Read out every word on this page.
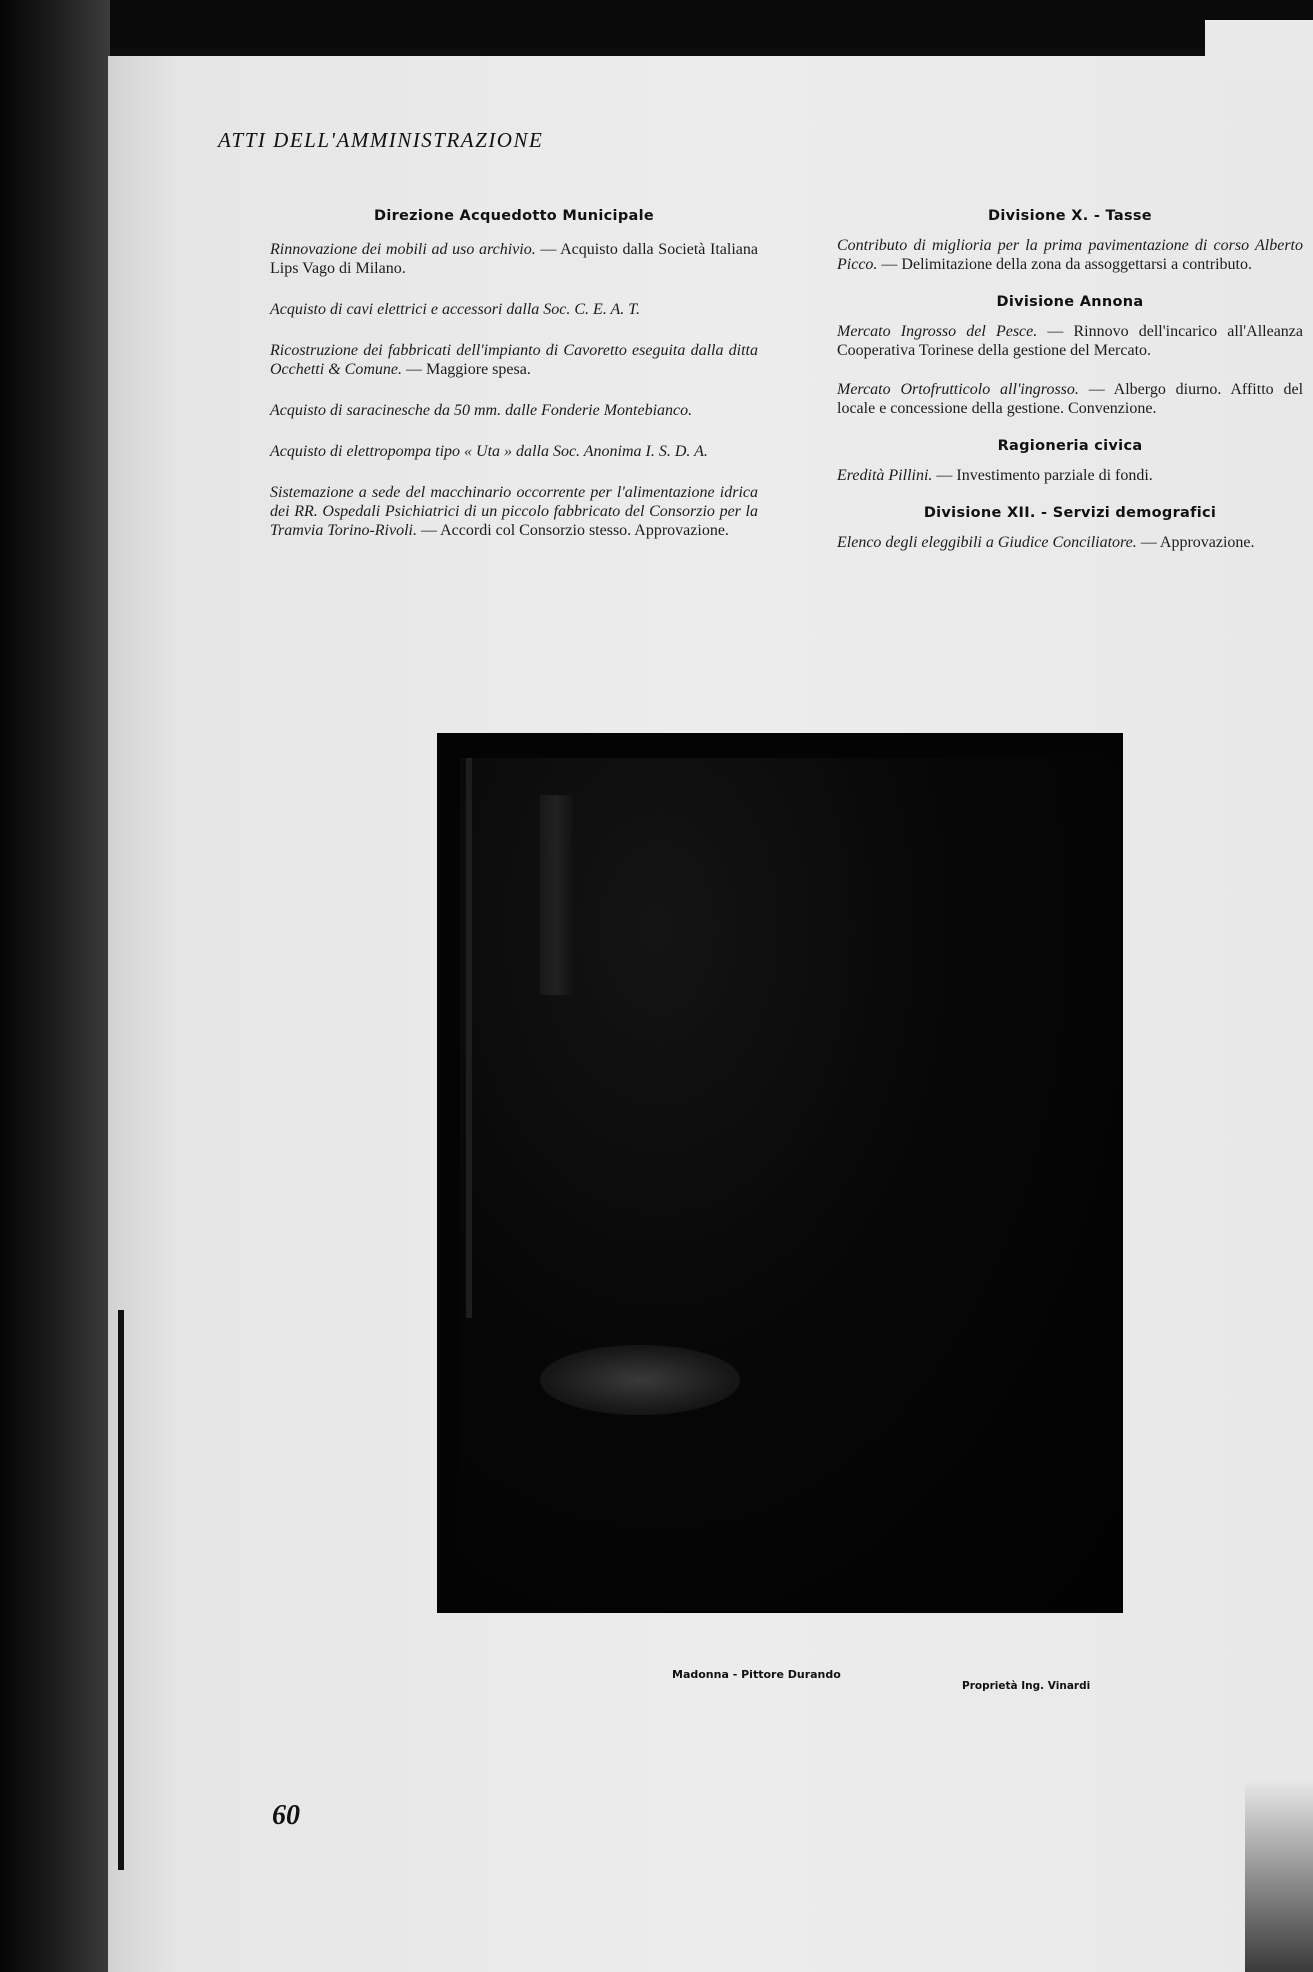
ATTI DELL'AMMINISTRAZIONE
Direzione Acquedotto Municipale

Rinnovazione dei mobili ad uso archivio. — Acquisto dalla Società Italiana Lips Vago di Milano.

Acquisto di cavi elettrici e accessori dalla Soc. C. E. A. T.

Ricostruzione dei fabbricati dell'impianto di Cavoretto eseguita dalla ditta Occhetti & Comune. — Maggiore spesa.

Acquisto di saracinesche da 50 mm. dalle Fonderie Montebianco.

Acquisto di elettropompa tipo « Uta » dalla Soc. Anonima I. S. D. A.

Sistemazione a sede del macchinario occorrente per l'alimentazione idrica dei RR. Ospedali Psichiatrici di un piccolo fabbricato del Consorzio per la Tramvia Torino-Rivoli. — Accordi col Consorzio stesso. Approvazione.

Divisione X. - Tasse

Contributo di miglioria per la prima pavimentazione di corso Alberto Picco. — Delimitazione della zona da assoggettarsi a contributo.

Divisione Annona

Mercato Ingrosso del Pesce. — Rinnovo dell'incarico all'Alleanza Cooperativa Torinese della gestione del Mercato.

Mercato Ortofrutticolo all'ingrosso. — Albergo diurno. Affitto del locale e concessione della gestione. Convenzione.

Ragioneria civica

Eredità Pillini. — Investimento parziale di fondi.

Divisione XII. - Servizi demografici

Elenco degli eleggibili a Giudice Conciliatore. — Approvazione.

Madonna - Pittore Durando
Proprietà Ing. Vinardi
60
